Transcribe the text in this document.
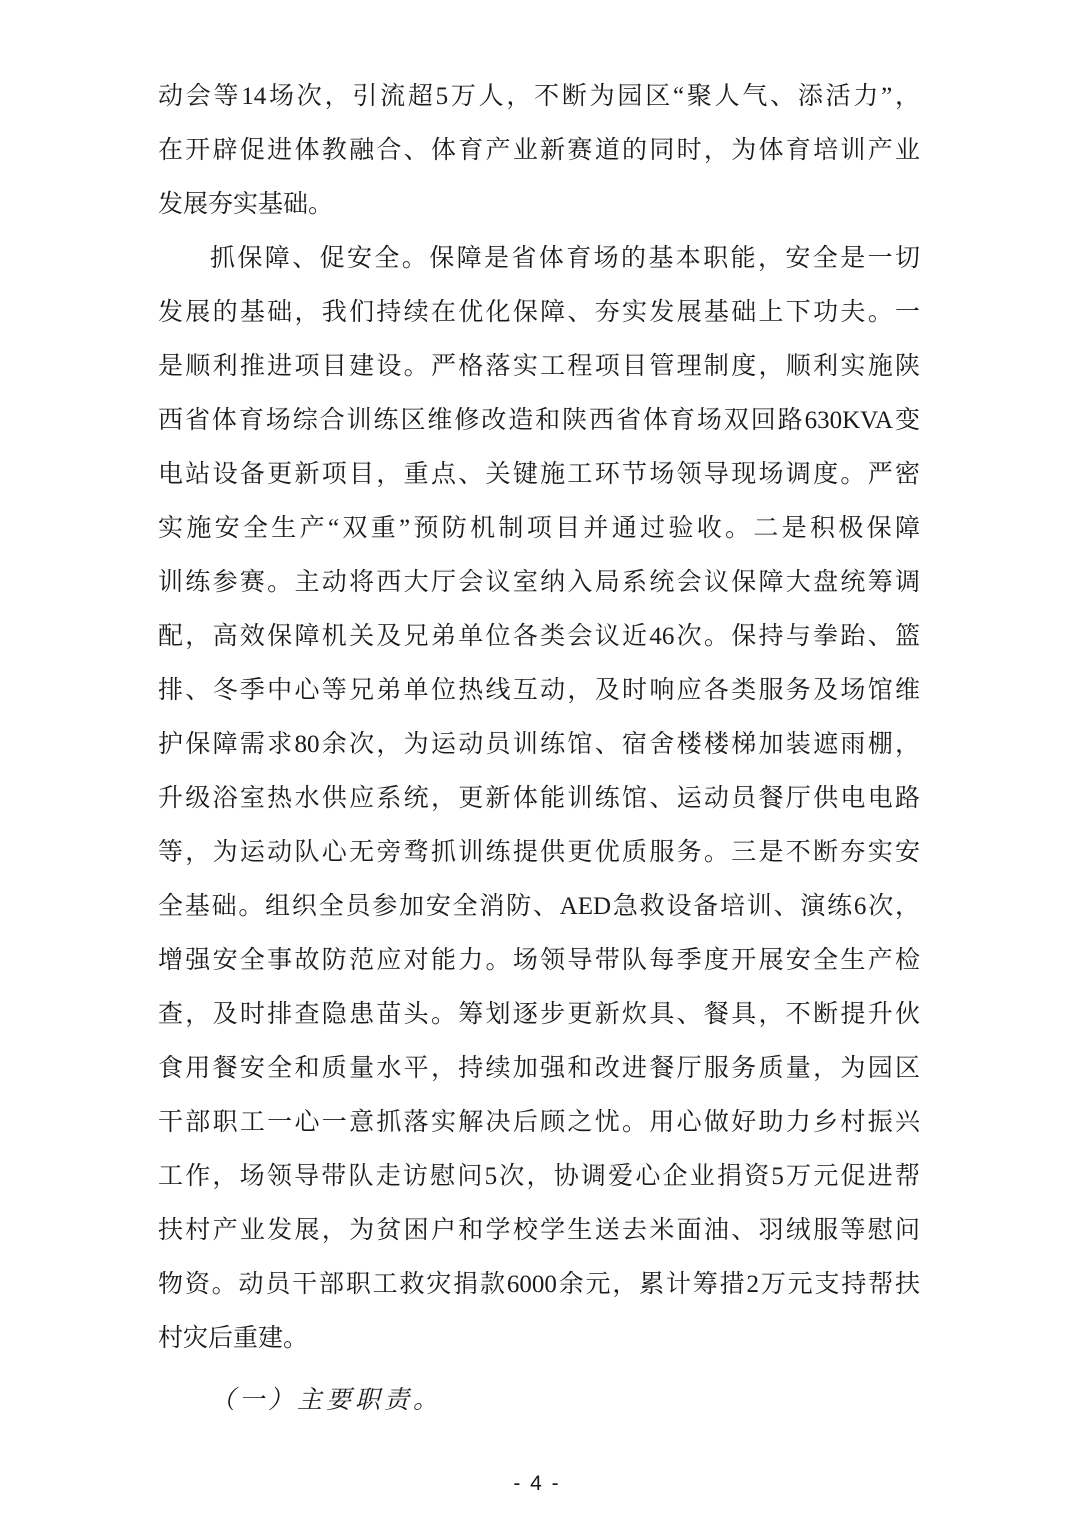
动会等14场次，引流超5万人，不断为园区“聚人气、添活力”，
在开辟促进体教融合、体育产业新赛道的同时，为体育培训产业
发展夯实基础。
抓保障、促安全。保障是省体育场的基本职能，安全是一切
发展的基础，我们持续在优化保障、夯实发展基础上下功夫。一
是顺利推进项目建设。严格落实工程项目管理制度，顺利实施陕
西省体育场综合训练区维修改造和陕西省体育场双回路630KVA变
电站设备更新项目，重点、关键施工环节场领导现场调度。严密
实施安全生产“双重”预防机制项目并通过验收。二是积极保障
训练参赛。主动将西大厅会议室纳入局系统会议保障大盘统筹调
配，高效保障机关及兄弟单位各类会议近46次。保持与拳跆、篮
排、冬季中心等兄弟单位热线互动，及时响应各类服务及场馆维
护保障需求80余次，为运动员训练馆、宿舍楼楼梯加装遮雨棚，
升级浴室热水供应系统，更新体能训练馆、运动员餐厅供电电路
等，为运动队心无旁骛抓训练提供更优质服务。三是不断夯实安
全基础。组织全员参加安全消防、AED急救设备培训、演练6次，
增强安全事故防范应对能力。场领导带队每季度开展安全生产检
查，及时排查隐患苗头。筹划逐步更新炊具、餐具，不断提升伙
食用餐安全和质量水平，持续加强和改进餐厅服务质量，为园区
干部职工一心一意抓落实解决后顾之忧。用心做好助力乡村振兴
工作，场领导带队走访慰问5次，协调爱心企业捐资5万元促进帮
扶村产业发展，为贫困户和学校学生送去米面油、羽绒服等慰问
物资。动员干部职工救灾捐款6000余元，累计筹措2万元支持帮扶
村灾后重建。
（一）主要职责。
- 4 -
